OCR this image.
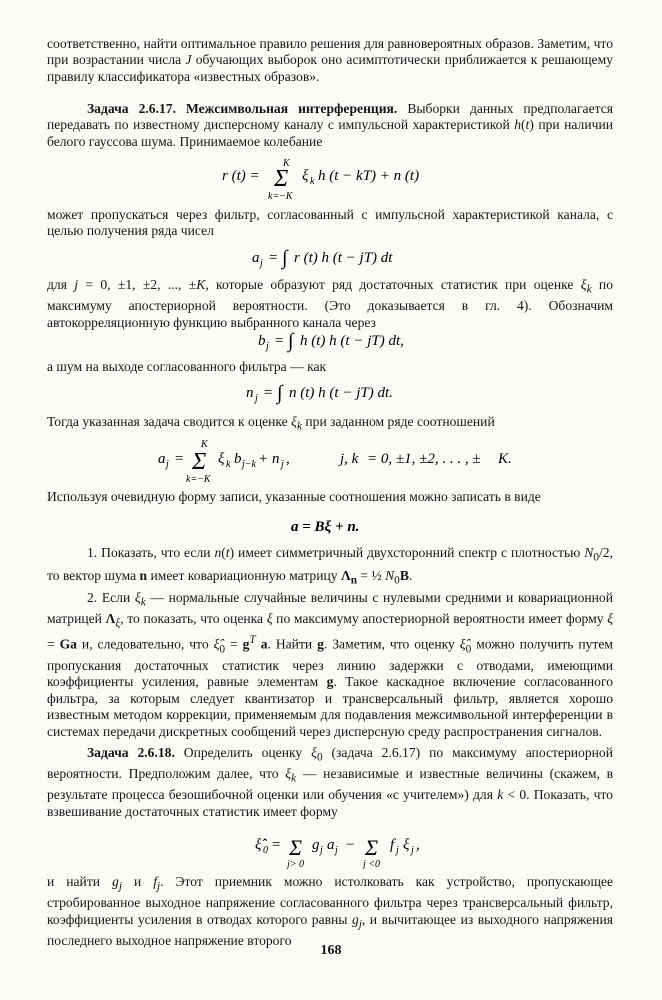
соответственно, найти оптимальное правило решения для равновероятных образов. Заметим, что при возрастании числа J обучающих выборок оно асимптотически приближается к решающему правилу классификатора «известных образов».

Задача 2.6.17. Межсимвольная интерференция. Выборки данных предполагается передавать по известному дисперсному каналу с импульсной характеристикой h(t) при наличии белого гауссова шума. Принимаемое колебание

r (t) =
K
Σ
k=−K
ξ k h (t − kT) + n (t)

может пропускаться через фильтр, согласованный с импульсной характеристикой канала, с целью получения ряда чисел

a j = ∫ r (t) h (t − jT) dt

для j = 0, ±1, ±2, ..., ±K, которые образуют ряд достаточных статистик при оценке $\xi_k$ по максимуму апостериорной вероятности. (Это доказывается в гл. 4). Обозначим автокорреляционную функцию выбранного канала через

b j = ∫ h (t) h (t − jT) dt,

а шум на выходе согласованного фильтра — как

n j = ∫ n (t) h (t − jT) dt.

Тогда указанная задача сводится к оценке $\xi_k$ при заданном ряде соотношений

a j =
K
Σ
k=−K
ξ k b j−k + n j ,	j, k = 0, ±1, ±2, . . . , ± K.

Используя очевидную форму записи, указанные соотношения можно записать в виде

a = Bξ + n.

1. Показать, что если n(t) имеет симметричный двухсторонний спектр с плотностью $N_0/2$, то вектор шума n имеет ковариационную матрицу $\Lambda_n$ = ½ $N_0B$.

2. Если $\xi_k$ — нормальные случайные величины с нулевыми средними и ковариационной матрицей $\Lambda_\xi$, то показать, что оценка ξ по максимуму апостериорной вероятности имеет форму ξ = Ga и, следовательно, что $\xî_0 = g^T$ a. Найти g. Заметим, что оценку $\xî_0$ можно получить путем пропускания достаточных статистик через линию задержки с отводами, имеющими коэффициенты усиления, равные элементам g. Такое каскадное включение согласованного фильтра, за которым следует квантизатор и трансверсальный фильтр, является хорошо известным методом коррекции, применяемым для подавления межсимвольной интерференции в системах передачи дискретных сообщений через дисперсную среду распространения сигналов.

Задача 2.6.18. Определить оценку $\xi_0$ (задача 2.6.17) по максимуму апостериорной вероятности. Предположим далее, что $\xi_k$ — независимые и известные величины (скажем, в результате процесса безошибочной оценки или обучения «с учителем») для k < 0. Показать, что взвешивание достаточных статистик имеет форму

ξ̂̂ 0 = Σ
j> 0
g j a j − Σ
j <0
f j ξ j ,

и найти $g_j$ и $f_j$. Этот приемник можно истолковать как устройство, пропускающее стробированное выходное напряжение согласованного фильтра через трансверсальный фильтр, коэффициенты усиления в отводах которого равны $g_j$, и вычитающее из выходного напряжения последнего выходное напряжение второго

168
